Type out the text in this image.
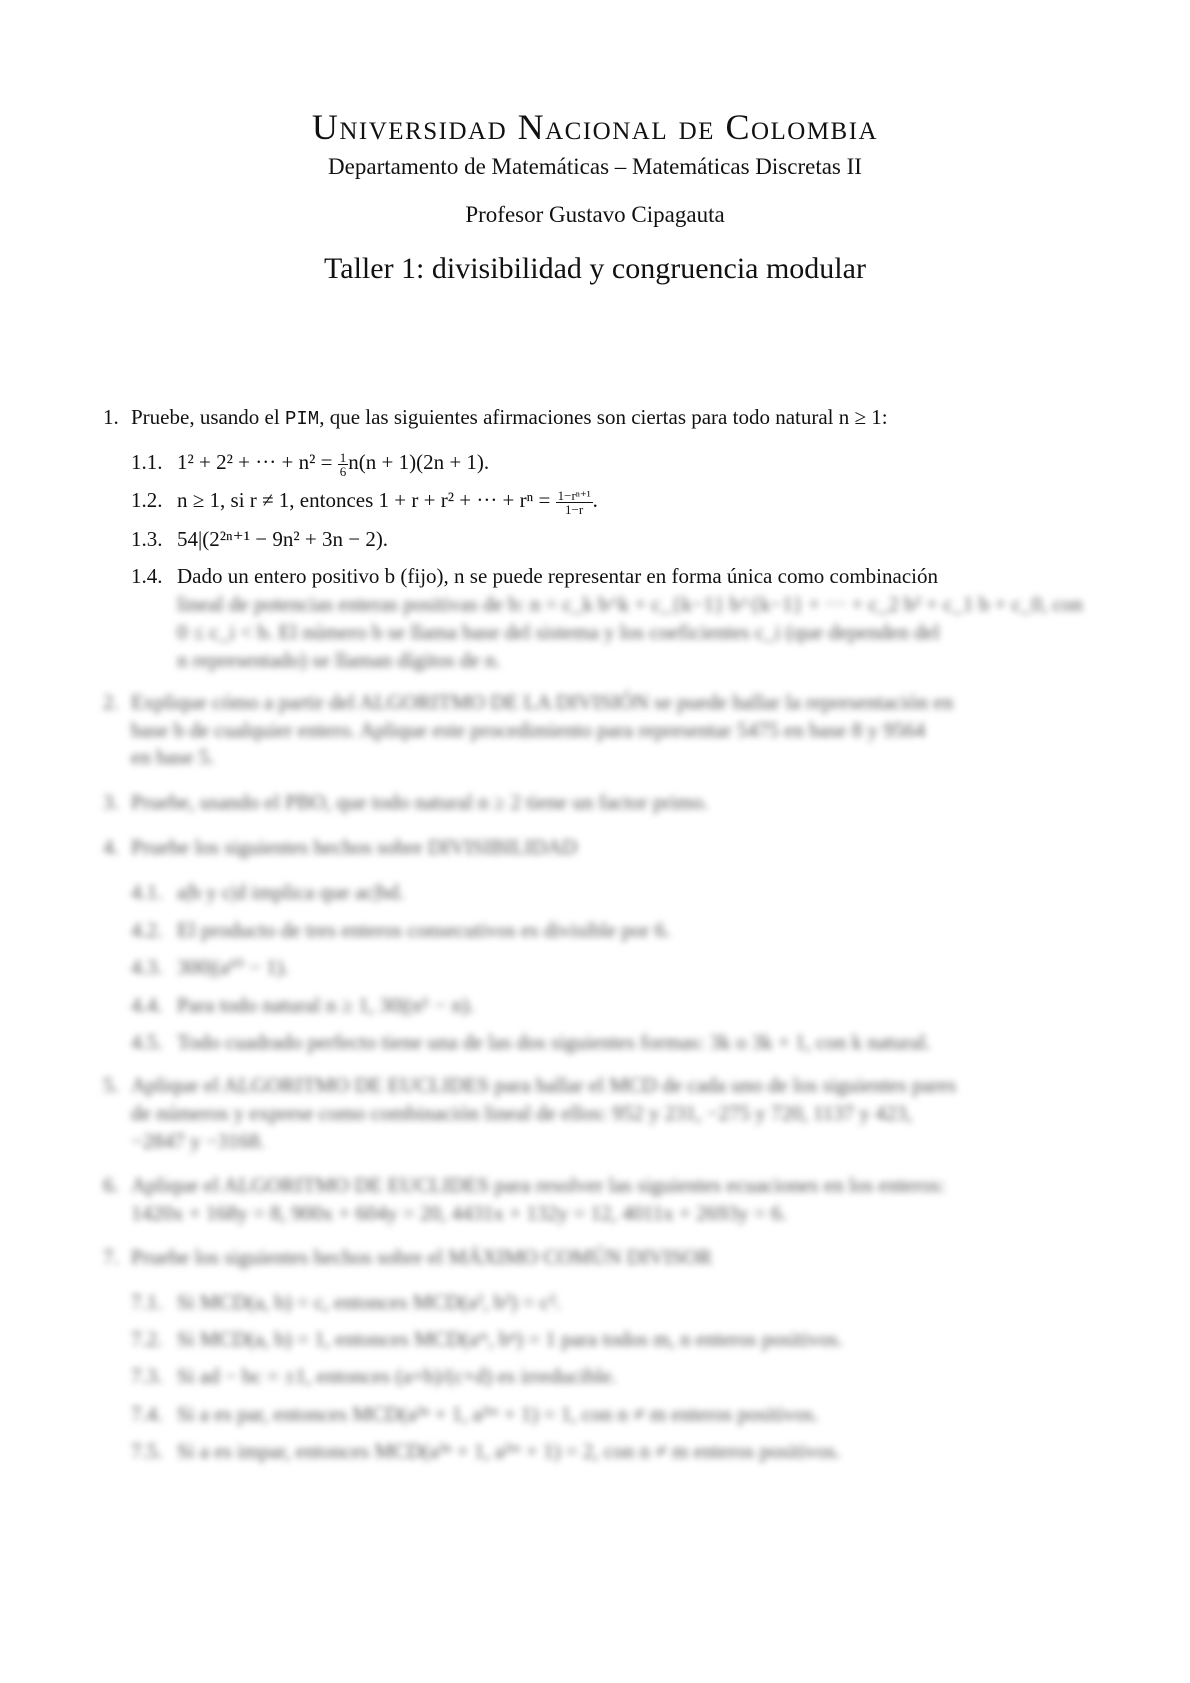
Universidad Nacional de Colombia
Departamento de Matemáticas – Matemáticas Discretas II
Profesor Gustavo Cipagauta
Taller 1: divisibilidad y congruencia modular
1. Pruebe, usando el PIM, que las siguientes afirmaciones son ciertas para todo natural n ≥ 1:
1.1. 1² + 2² + ··· + $n^2 = \frac{1}{6} n(n + 1)(2n + 1)$.
1.2. n ≥ 1, si r ≠ 1, entonces 1 + r + r² + ··· + $r^n = \frac{\text{1−rⁿ⁺¹}}{1-r}$ .
1.3. 54|(2²ⁿ⁺¹ − 9n² + 3n − 2).
1.4. Dado un entero positivo b (fijo), n se puede representar en forma única como combinación
lineal de potencias enteras positivas de b: n = c_k b^k + c_{k−1} b^{k−1} + ··· + c_2 b² + c_1 b + c_0, con
0 ≤ c_i < b. El número b se llama base del sistema y los coeficientes c_i (que dependen del
n representado) se llaman dígitos de n.
2. Explique cómo a partir del ALGORITMO DE LA DIVISIÓN se puede hallar la representación en
base b de cualquier entero. Aplique este procedimiento para representar 5475 en base 8 y 9564
en base 5.
3. Pruebe, usando el PBO, que todo natural n ≥ 2 tiene un factor primo.
4. Pruebe los siguientes hechos sobre DIVISIBILIDAD
4.1. a|b y c|d implica que ac|bd.
4.2. El producto de tres enteros consecutivos es divisible por 6.
4.3. 300|(a¹⁰ − 1).
4.4. Para todo natural n ≥ 1, 30|(n⁵ − n).
4.5. Todo cuadrado perfecto tiene una de las dos siguientes formas: 3k o 3k + 1, con k natural.
5. Aplique el ALGORITMO DE EUCLIDES para hallar el MCD de cada uno de los siguientes pares
de números y exprese como combinación lineal de ellos: 952 y 231, −275 y 720, 1137 y 423,
−2847 y −3168.
6. Aplique el ALGORITMO DE EUCLIDES para resolver las siguientes ecuaciones en los enteros:
1420x + 168y = 8, 900x + 604y = 20, 4431x + 132y = 12, 4011x + 2693y = 6.
7. Pruebe los siguientes hechos sobre el MÁXIMO COMÚN DIVISOR
7.1. Si MCD(a, b) = c, entonces MCD(a², b²) = c².
7.2. Si MCD(a, b) = 1, entonces MCD(aᵐ, bⁿ) = 1 para todos m, n enteros positivos.
7.3. Si ad − bc = ±1, entonces (a+b)/(c+d) es irreducible.
7.4. Si a es par, entonces MCD(a²ⁿ + 1, a²ᵐ + 1) = 1, con n ≠ m enteros positivos.
7.5. Si a es impar, entonces MCD(a²ⁿ + 1, a²ᵐ + 1) = 2, con n ≠ m enteros positivos.
